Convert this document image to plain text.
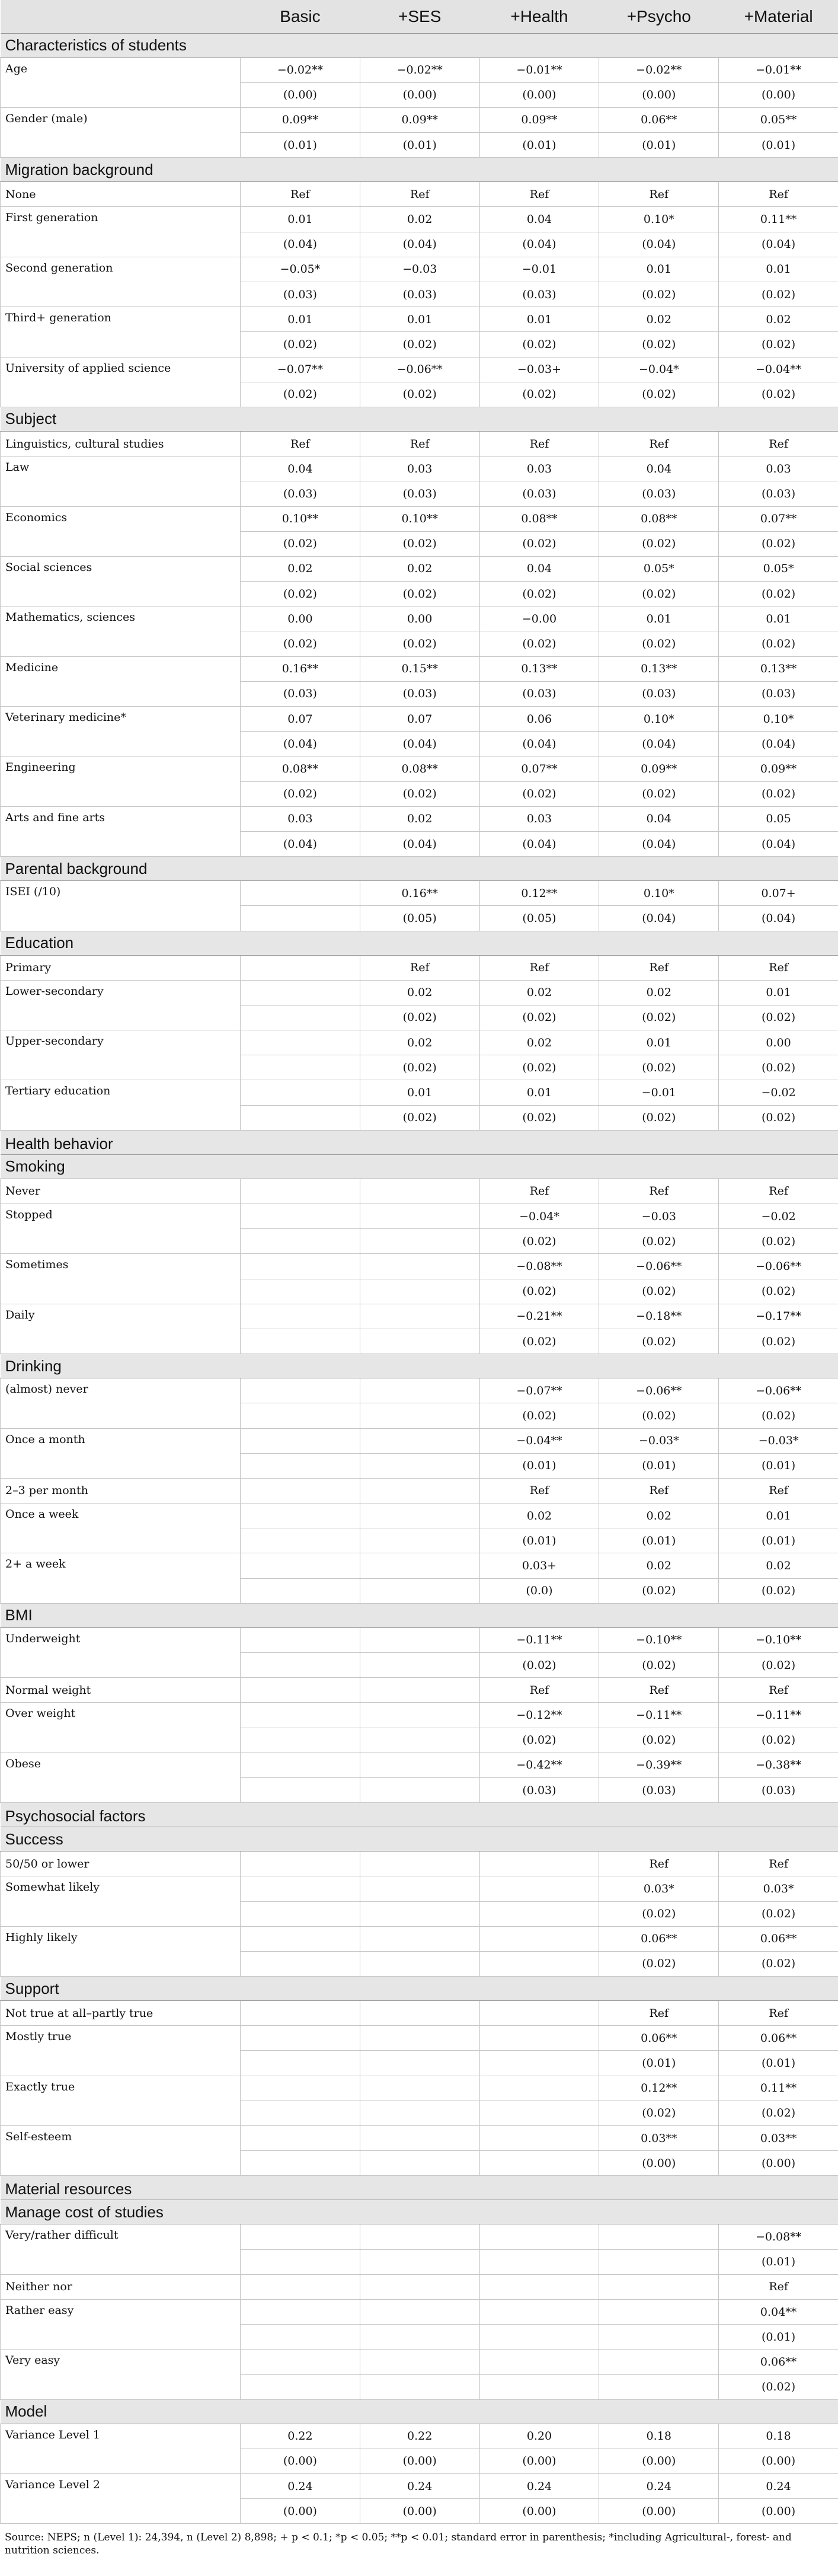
	Basic	+SES	+Health	+Psycho	+Material
Characteristics of students					
Age	−0.02**	−0.02**	−0.01**	−0.02**	−0.01**
	(0.00)	(0.00)	(0.00)	(0.00)	(0.00)
Gender (male)	0.09**	0.09**	0.09**	0.06**	0.05**
	(0.01)	(0.01)	(0.01)	(0.01)	(0.01)
Migration background					
None	Ref	Ref	Ref	Ref	Ref
First generation	0.01	0.02	0.04	0.10*	0.11**
	(0.04)	(0.04)	(0.04)	(0.04)	(0.04)
Second generation	−0.05*	−0.03	−0.01	0.01	0.01
	(0.03)	(0.03)	(0.03)	(0.02)	(0.02)
Third+ generation	0.01	0.01	0.01	0.02	0.02
	(0.02)	(0.02)	(0.02)	(0.02)	(0.02)
University of applied science	−0.07**	−0.06**	−0.03+	−0.04*	−0.04**
	(0.02)	(0.02)	(0.02)	(0.02)	(0.02)
Subject					
Linguistics, cultural studies	Ref	Ref	Ref	Ref	Ref
Law	0.04	0.03	0.03	0.04	0.03
	(0.03)	(0.03)	(0.03)	(0.03)	(0.03)
Economics	0.10**	0.10**	0.08**	0.08**	0.07**
	(0.02)	(0.02)	(0.02)	(0.02)	(0.02)
Social sciences	0.02	0.02	0.04	0.05*	0.05*
	(0.02)	(0.02)	(0.02)	(0.02)	(0.02)
Mathematics, sciences	0.00	0.00	−0.00	0.01	0.01
	(0.02)	(0.02)	(0.02)	(0.02)	(0.02)
Medicine	0.16**	0.15**	0.13**	0.13**	0.13**
	(0.03)	(0.03)	(0.03)	(0.03)	(0.03)
Veterinary medicine*	0.07	0.07	0.06	0.10*	0.10*
	(0.04)	(0.04)	(0.04)	(0.04)	(0.04)
Engineering	0.08**	0.08**	0.07**	0.09**	0.09**
	(0.02)	(0.02)	(0.02)	(0.02)	(0.02)
Arts and fine arts	0.03	0.02	0.03	0.04	0.05
	(0.04)	(0.04)	(0.04)	(0.04)	(0.04)
Parental background					
ISEI (/10)		0.16**	0.12**	0.10*	0.07+
		(0.05)	(0.05)	(0.04)	(0.04)
Education					
Primary		Ref	Ref	Ref	Ref
Lower-secondary		0.02	0.02	0.02	0.01
		(0.02)	(0.02)	(0.02)	(0.02)
Upper-secondary		0.02	0.02	0.01	0.00
		(0.02)	(0.02)	(0.02)	(0.02)
Tertiary education		0.01	0.01	−0.01	−0.02
		(0.02)	(0.02)	(0.02)	(0.02)
Health behavior					
Smoking					
Never			Ref	Ref	Ref
Stopped			−0.04*	−0.03	−0.02
			(0.02)	(0.02)	(0.02)
Sometimes			−0.08**	−0.06**	−0.06**
			(0.02)	(0.02)	(0.02)
Daily			−0.21**	−0.18**	−0.17**
			(0.02)	(0.02)	(0.02)
Drinking					
(almost) never			−0.07**	−0.06**	−0.06**
			(0.02)	(0.02)	(0.02)
Once a month			−0.04**	−0.03*	−0.03*
			(0.01)	(0.01)	(0.01)
2–3 per month			Ref	Ref	Ref
Once a week			0.02	0.02	0.01
			(0.01)	(0.01)	(0.01)
2+ a week			0.03+	0.02	0.02
			(0.0)	(0.02)	(0.02)
BMI					
Underweight			−0.11**	−0.10**	−0.10**
			(0.02)	(0.02)	(0.02)
Normal weight			Ref	Ref	Ref
Over weight			−0.12**	−0.11**	−0.11**
			(0.02)	(0.02)	(0.02)
Obese			−0.42**	−0.39**	−0.38**
			(0.03)	(0.03)	(0.03)
Psychosocial factors					
Success					
50/50 or lower				Ref	Ref
Somewhat likely				0.03*	0.03*
				(0.02)	(0.02)
Highly likely				0.06**	0.06**
				(0.02)	(0.02)
Support					
Not true at all–partly true				Ref	Ref
Mostly true				0.06**	0.06**
				(0.01)	(0.01)
Exactly true				0.12**	0.11**
				(0.02)	(0.02)
Self-esteem				0.03**	0.03**
				(0.00)	(0.00)
Material resources					
Manage cost of studies					
Very/rather difficult					−0.08**
					(0.01)
Neither nor					Ref
Rather easy					0.04**
					(0.01)
Very easy					0.06**
					(0.02)
Model					
Variance Level 1	0.22	0.22	0.20	0.18	0.18
	(0.00)	(0.00)	(0.00)	(0.00)	(0.00)
Variance Level 2	0.24	0.24	0.24	0.24	0.24
	(0.00)	(0.00)	(0.00)	(0.00)	(0.00)
Source: NEPS; n (Level 1): 24,394, n (Level 2) 8,898; + p < 0.1; *p < 0.05; **p < 0.01; standard error in parenthesis; *including Agricultural-, forest- and nutrition sciences.
